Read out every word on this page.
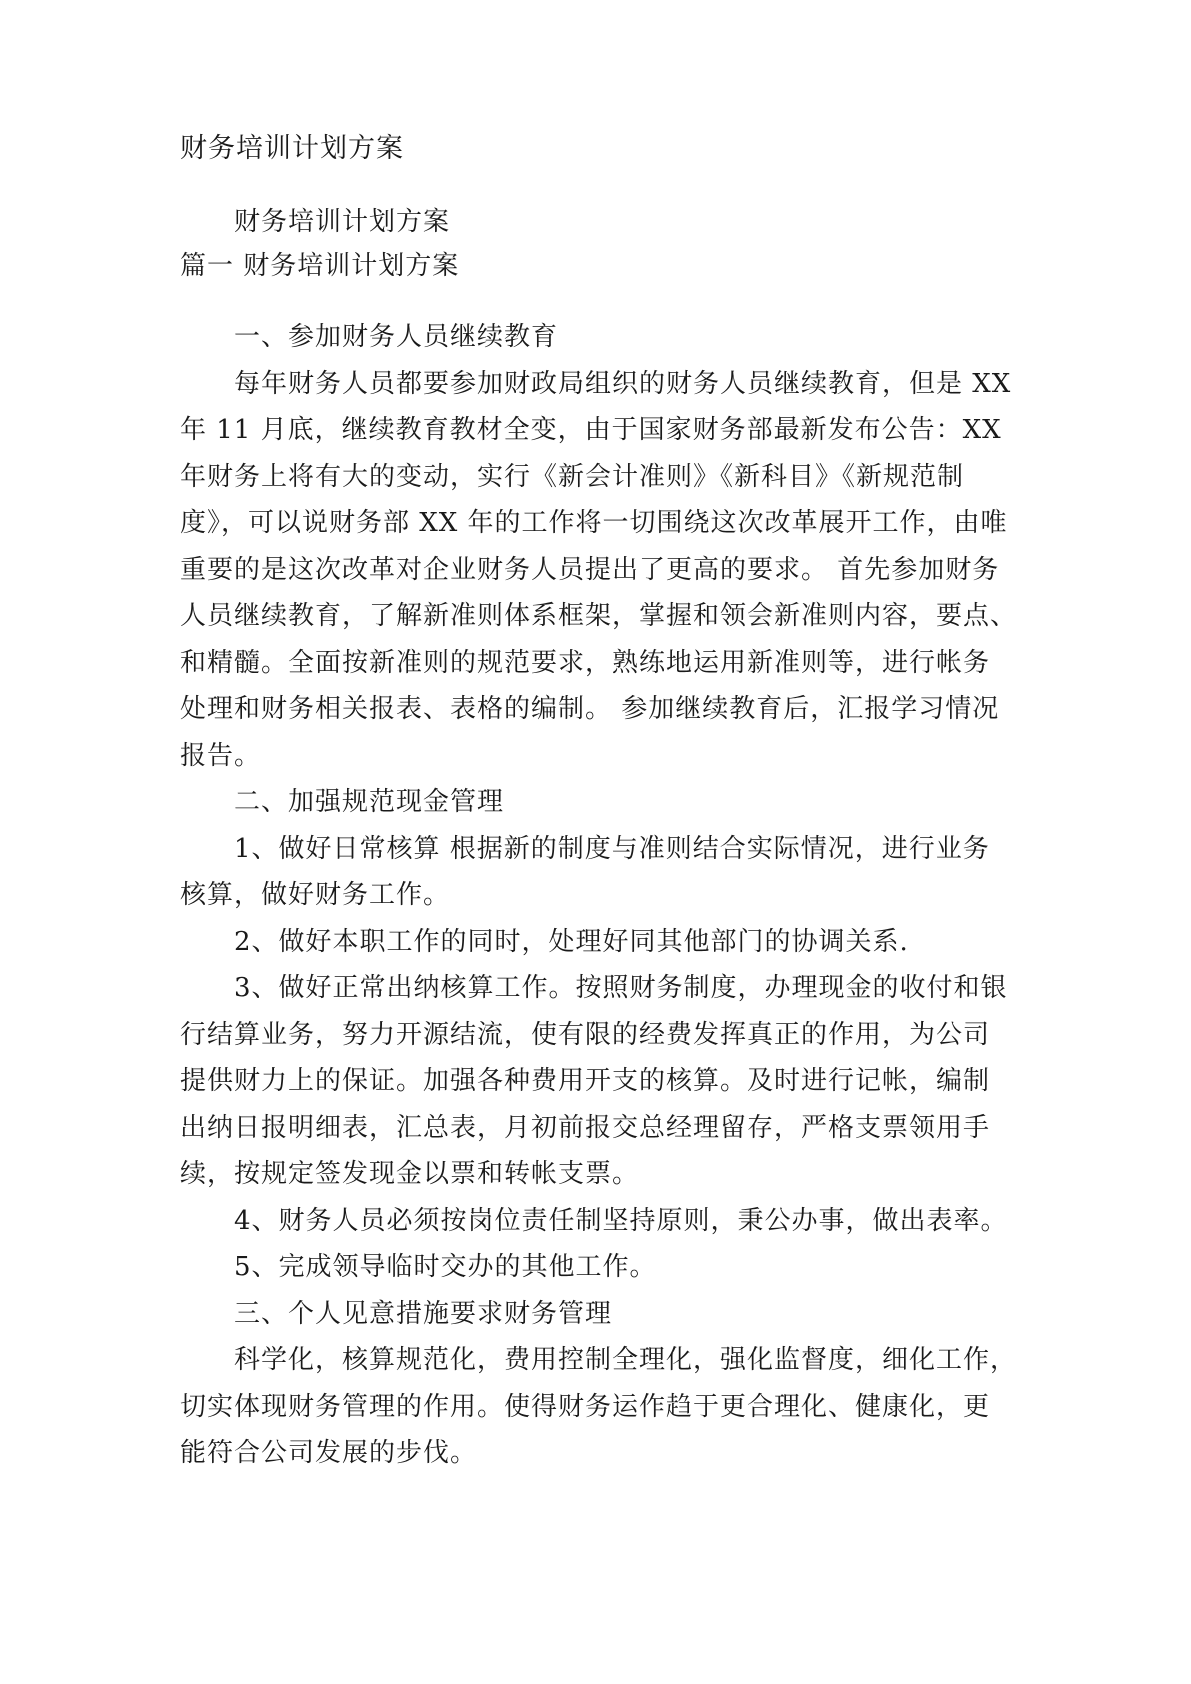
财务培训计划方案
财务培训计划方案
篇一 财务培训计划方案
一、参加财务人员继续教育
每年财务人员都要参加财政局组织的财务人员继续教育，但是 XX
年 11 月底，继续教育教材全变，由于国家财务部最新发布公告：XX
年财务上将有大的变动，实行《新会计准则》《新科目》《新规范制
度》，可以说财务部 XX 年的工作将一切围绕这次改革展开工作，由唯
重要的是这次改革对企业财务人员提出了更高的要求。 首先参加财务
人员继续教育，了解新准则体系框架，掌握和领会新准则内容，要点、
和精髓。全面按新准则的规范要求，熟练地运用新准则等，进行帐务
处理和财务相关报表、表格的编制。 参加继续教育后，汇报学习情况
报告。
二、加强规范现金管理
1、做好日常核算 根据新的制度与准则结合实际情况，进行业务
核算，做好财务工作。
2、做好本职工作的同时，处理好同其他部门的协调关系.
3、做好正常出纳核算工作。按照财务制度，办理现金的收付和银
行结算业务，努力开源结流，使有限的经费发挥真正的作用，为公司
提供财力上的保证。加强各种费用开支的核算。及时进行记帐，编制
出纳日报明细表，汇总表，月初前报交总经理留存，严格支票领用手
续，按规定签发现金以票和转帐支票。
4、财务人员必须按岗位责任制坚持原则，秉公办事，做出表率。
5、完成领导临时交办的其他工作。
三、个人见意措施要求财务管理
科学化，核算规范化，费用控制全理化，强化监督度，细化工作，
切实体现财务管理的作用。使得财务运作趋于更合理化、健康化，更
能符合公司发展的步伐。
